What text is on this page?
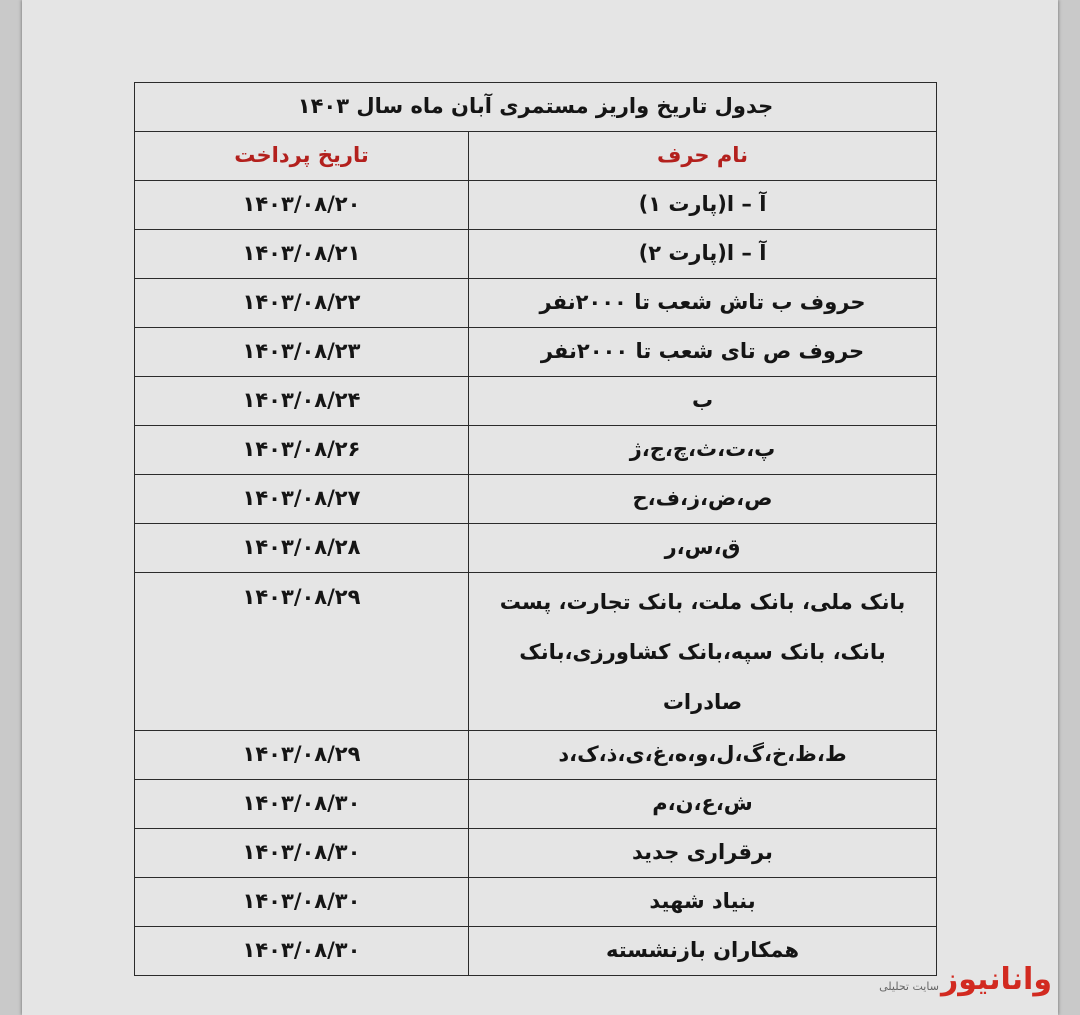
جدول تاریخ واریز مستمری آبان ماه سال ۱۴۰۳	
نام حرف	تاریخ پرداخت
آ – ا(پارت ۱)	۱۴۰۳/۰۸/۲۰
آ – ا(پارت ۲)	۱۴۰۳/۰۸/۲۱
حروف ب تاش شعب تا ۲۰۰۰نفر	۱۴۰۳/۰۸/۲۲
حروف ص تای شعب تا ۲۰۰۰نفر	۱۴۰۳/۰۸/۲۳
ب	۱۴۰۳/۰۸/۲۴
پ،ت،ث،چ،ج،ژ	۱۴۰۳/۰۸/۲۶
ص،ض،ز،ف،ح	۱۴۰۳/۰۸/۲۷
ق،س،ر	۱۴۰۳/۰۸/۲۸
بانک ملی، بانک ملت، بانک تجارت، پست بانک، بانک سپه،بانک کشاورزی،بانک صادرات	۱۴۰۳/۰۸/۲۹
ط،ظ،خ،گ،ل،و،ه،غ،ی،ذ،ک،د	۱۴۰۳/۰۸/۲۹
ش،ع،ن،م	۱۴۰۳/۰۸/۳۰
برقراری جدید	۱۴۰۳/۰۸/۳۰
بنیاد شهید	۱۴۰۳/۰۸/۳۰
همکاران بازنشسته	۱۴۰۳/۰۸/۳۰
وانانیوز
سایت تحلیلی
